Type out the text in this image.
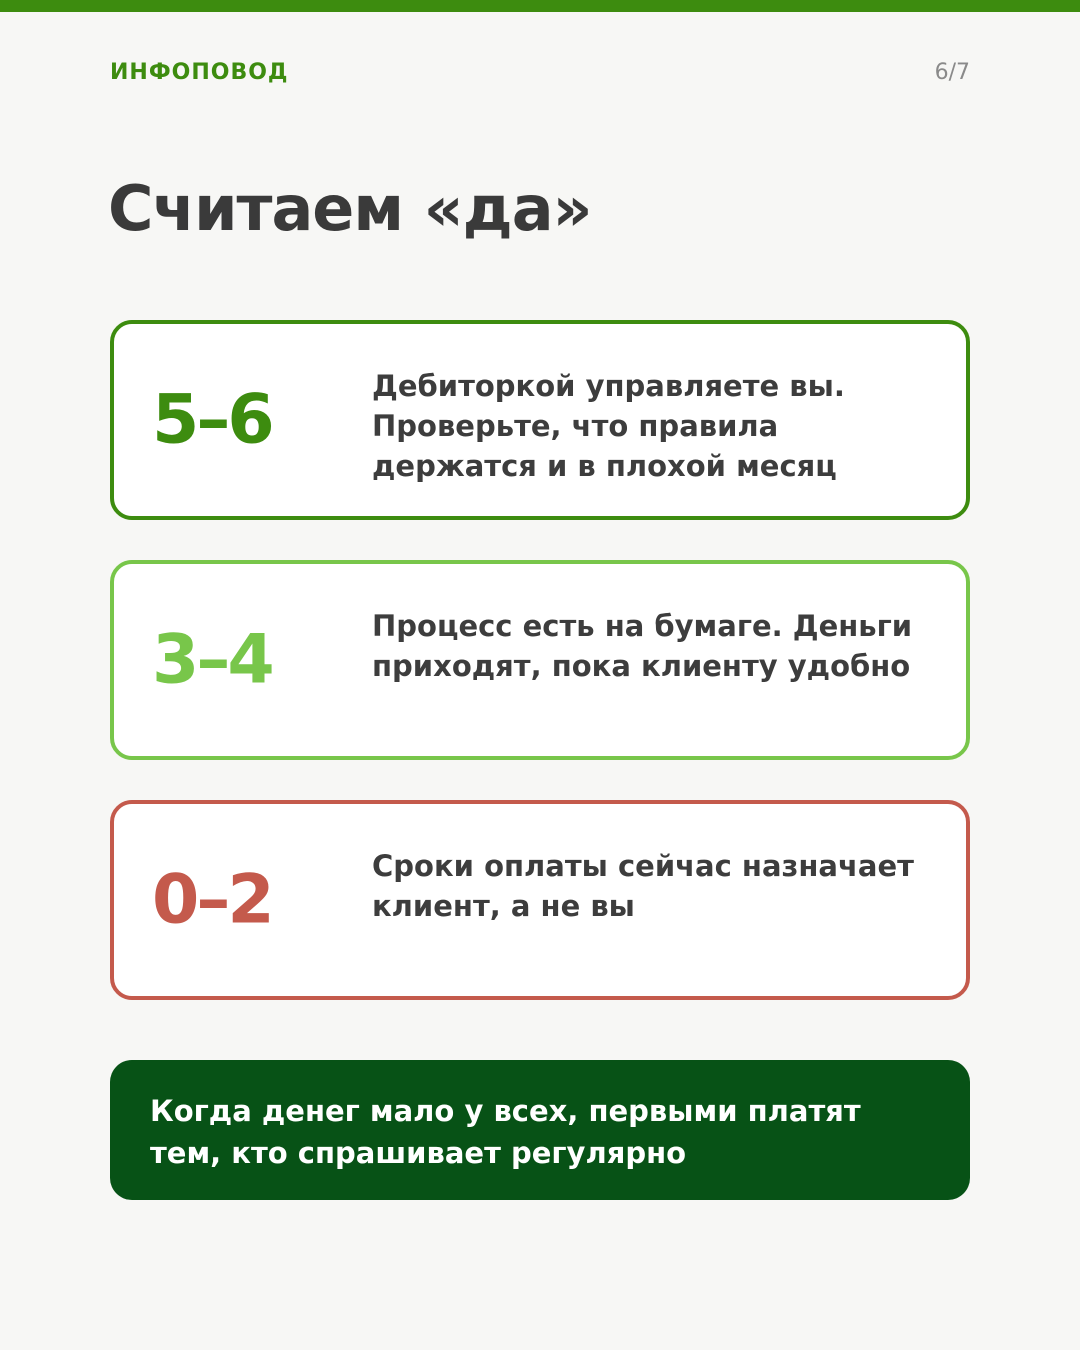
ИНФОПОВОД	6/7
Считаем «да»
5–6	Дебиторкой управляете вы. Проверьте, что правила держатся и в плохой месяц
3–4	Процесс есть на бумаге. Деньги приходят, пока клиенту удобно
0–2	Сроки оплаты сейчас назначает клиент, а не вы
Когда денег мало у всех, первыми платят тем, кто спрашивает регулярно
